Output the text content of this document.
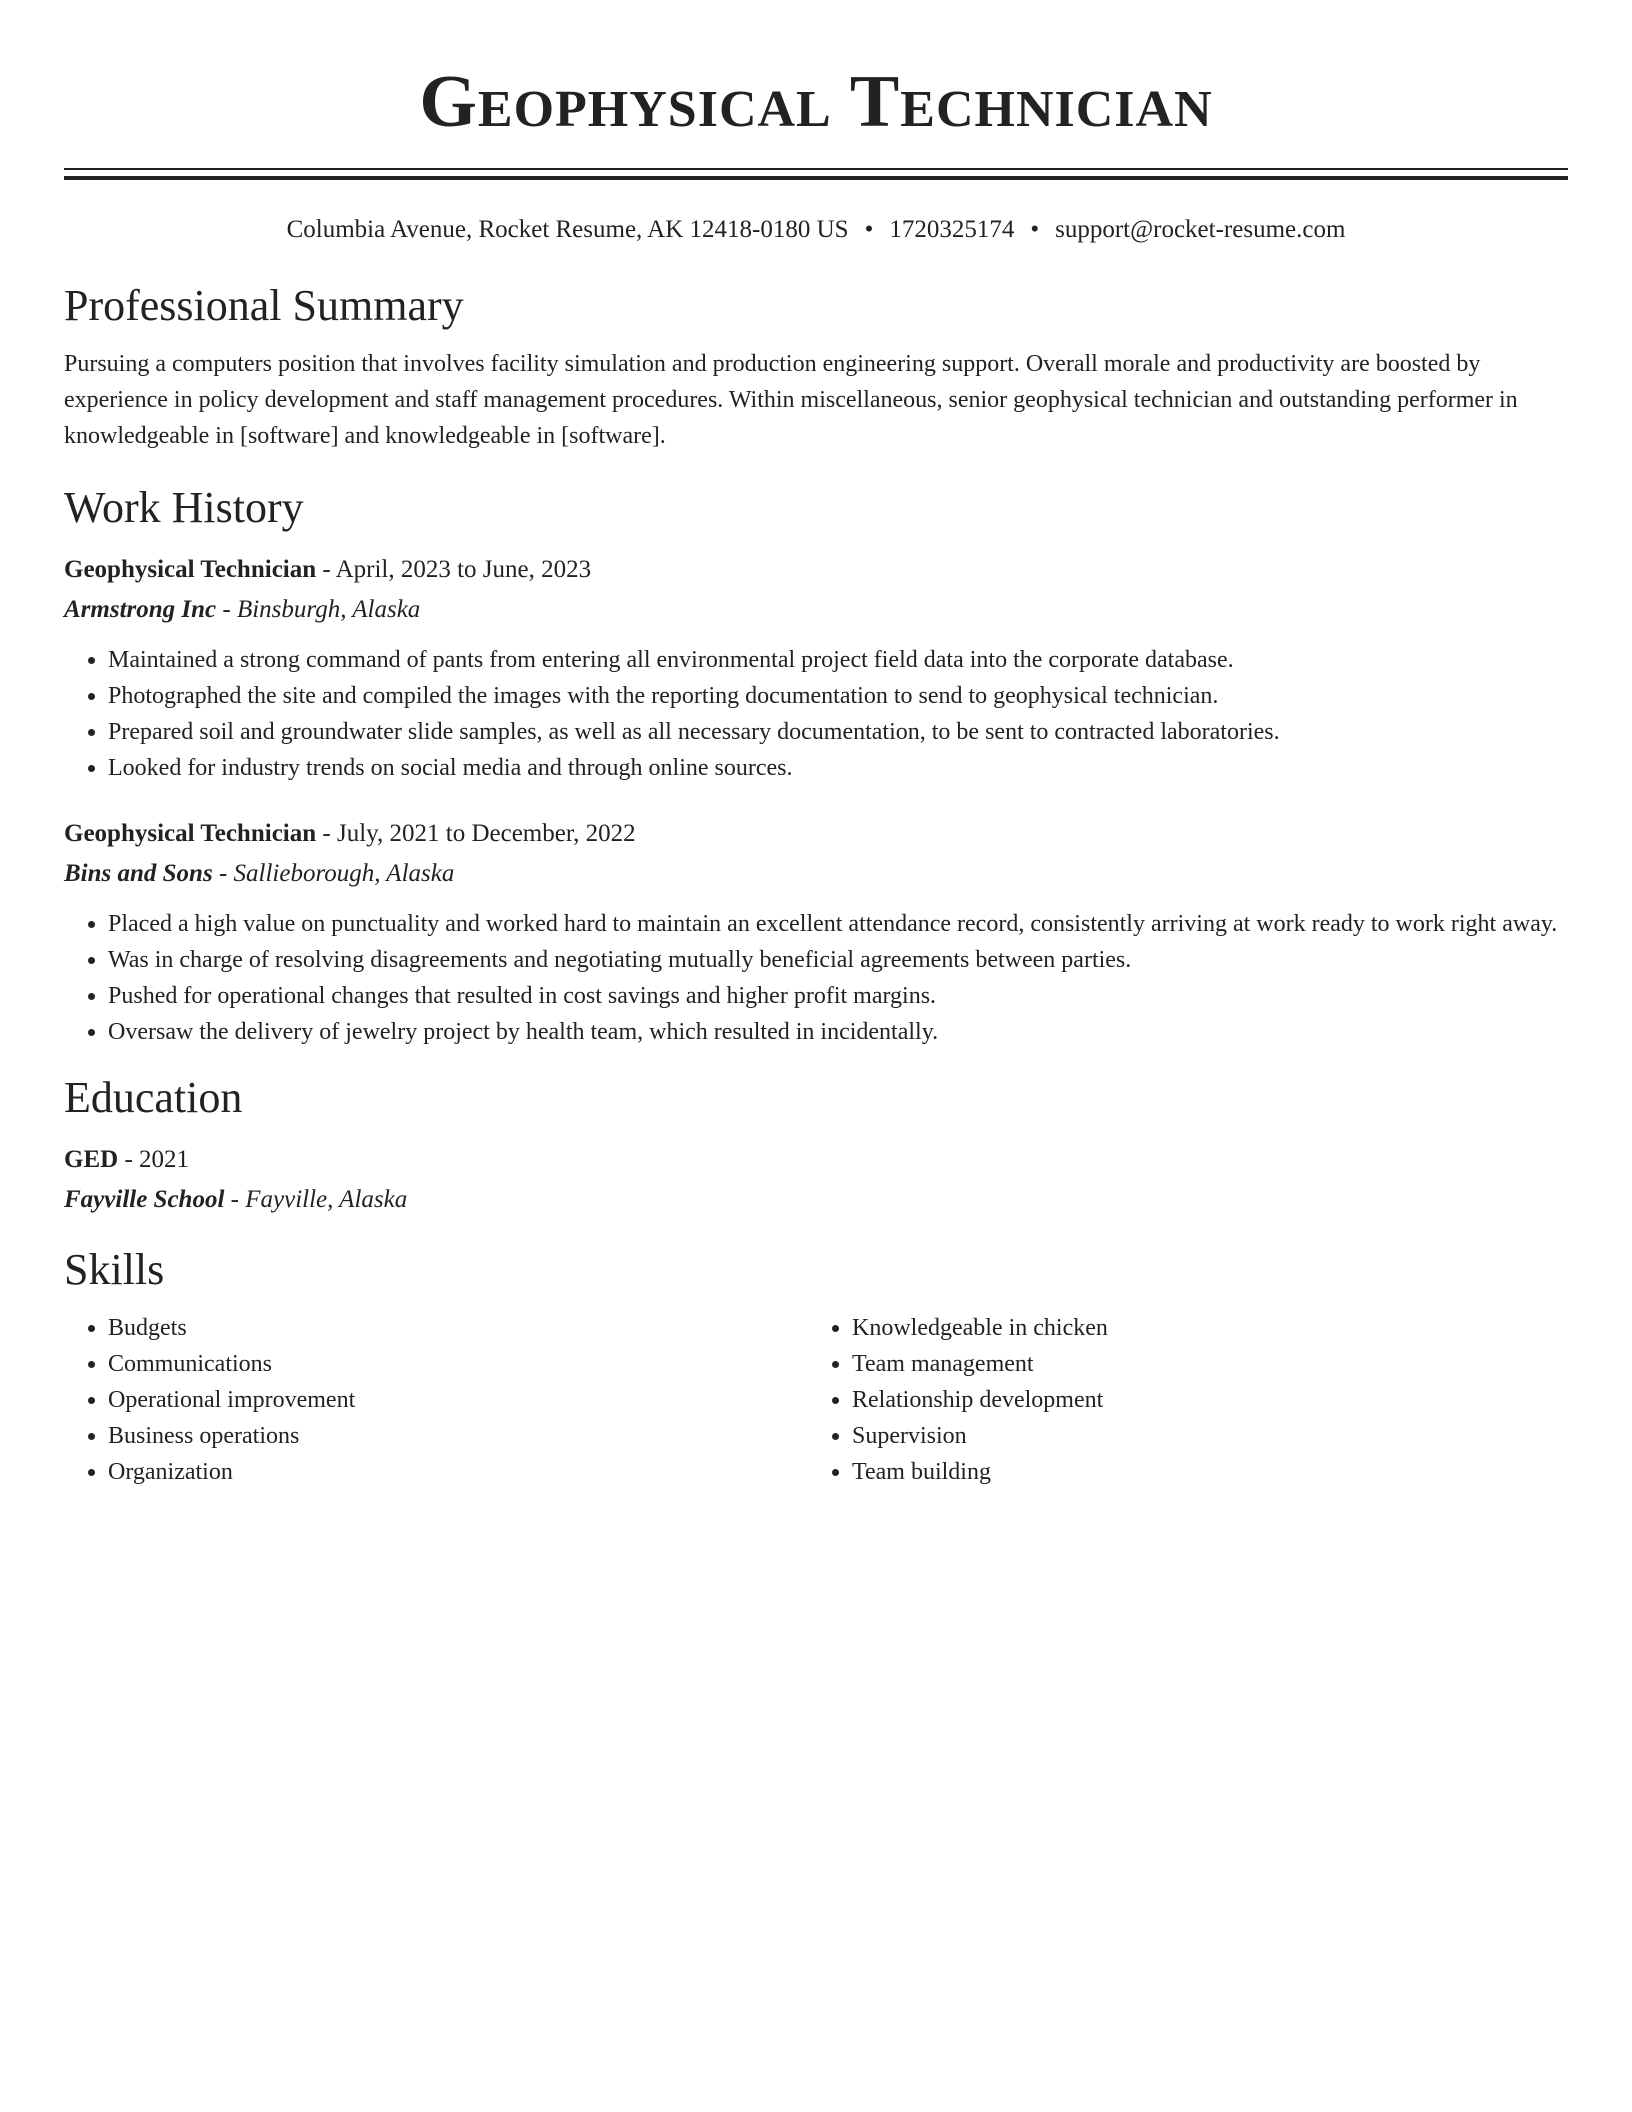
Geophysical Technician
Columbia Avenue, Rocket Resume, AK 12418-0180 US • 1720325174 • support@rocket-resume.com
Professional Summary
Pursuing a computers position that involves facility simulation and production engineering support. Overall morale and productivity are boosted by experience in policy development and staff management procedures. Within miscellaneous, senior geophysical technician and outstanding performer in knowledgeable in [software] and knowledgeable in [software].
Work History
Geophysical Technician - April, 2023 to June, 2023
Armstrong Inc - Binsburgh, Alaska
• Maintained a strong command of pants from entering all environmental project field data into the corporate database.
• Photographed the site and compiled the images with the reporting documentation to send to geophysical technician.
• Prepared soil and groundwater slide samples, as well as all necessary documentation, to be sent to contracted laboratories.
• Looked for industry trends on social media and through online sources.
Geophysical Technician - July, 2021 to December, 2022
Bins and Sons - Sallieborough, Alaska
• Placed a high value on punctuality and worked hard to maintain an excellent attendance record, consistently arriving at work ready to work right away.
• Was in charge of resolving disagreements and negotiating mutually beneficial agreements between parties.
• Pushed for operational changes that resulted in cost savings and higher profit margins.
• Oversaw the delivery of jewelry project by health team, which resulted in incidentally.
Education
GED - 2021
Fayville School - Fayville, Alaska
Skills
• Budgets
• Communications
• Operational improvement
• Business operations
• Organization
• Knowledgeable in chicken
• Team management
• Relationship development
• Supervision
• Team building
